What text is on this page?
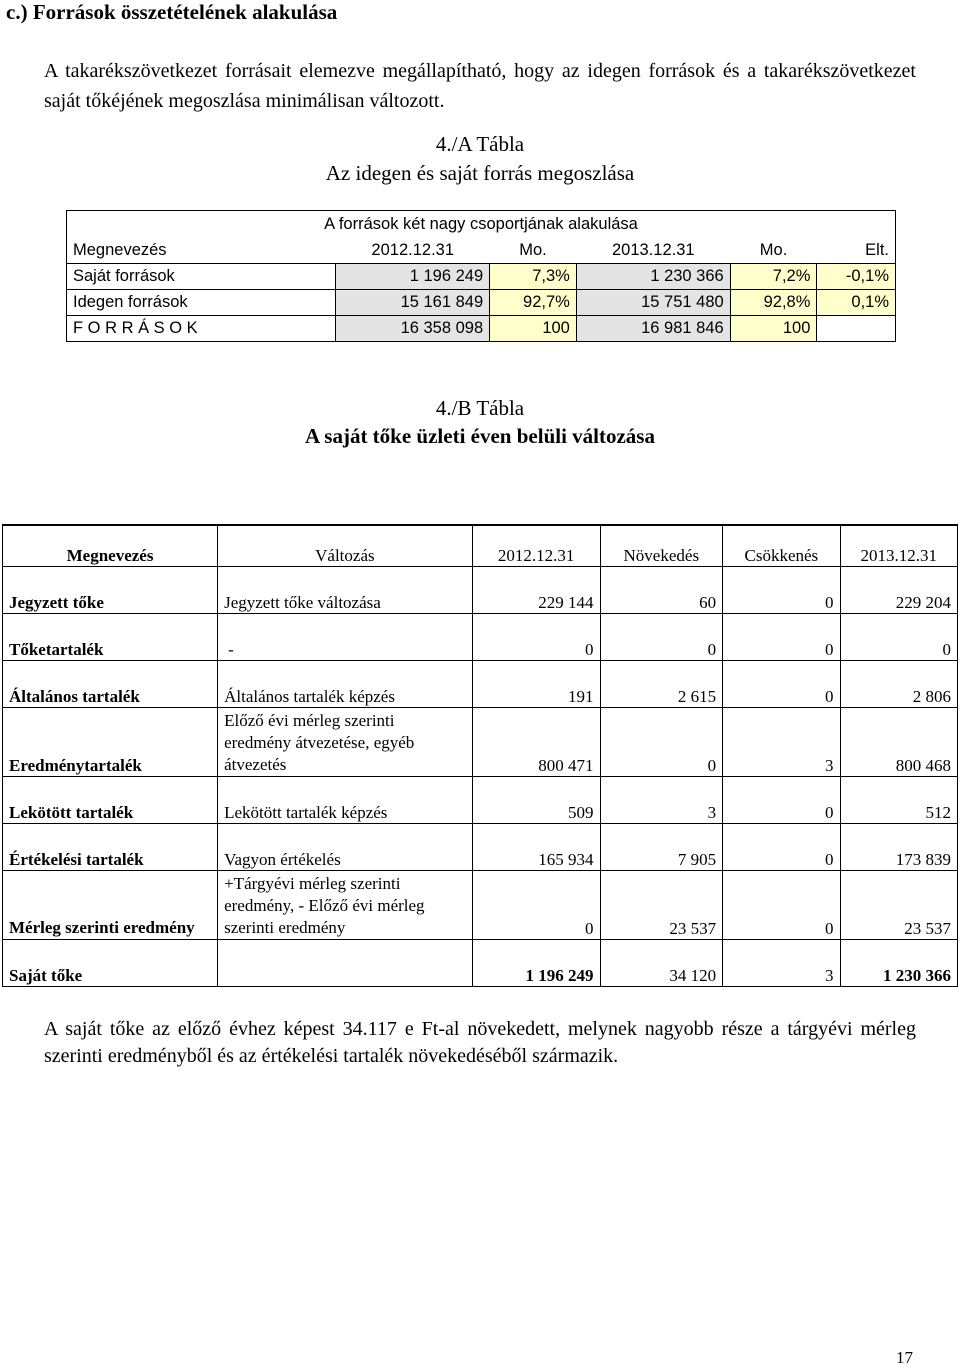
c.) Források összetételének alakulása
A takarékszövetkezet forrásait elemezve megállapítható, hogy az idegen források és a takarékszövetkezet saját tőkéjének megoszlása minimálisan változott.
4./A Tábla
Az idegen és saját forrás megoszlása
A források két nagy csoportjának alakulása					
Megnevezés	2012.12.31	Mo.	2013.12.31	Mo.	Elt.
Saját források	1 196 249	7,3%	1 230 366	7,2%	-0,1%
Idegen források	15 161 849	92,7%	15 751 480	92,8%	0,1%
F O R R Á S O K	16 358 098	100	16 981 846	100	
4./B Tábla
A saját tőke üzleti éven belüli változása
Megnevezés	Változás	2012.12.31	Növekedés	Csökkenés	2013.12.31
Jegyzett tőke	Jegyzett tőke változása	229 144	60	0	229 204
Tőketartalék	-	0	0	0	0
Általános tartalék	Általános tartalék képzés	191	2 615	0	2 806
Eredménytartalék	Előző évi mérleg szerinti eredmény átvezetése, egyéb átvezetés	800 471	0	3	800 468
Lekötött tartalék	Lekötött tartalék képzés	509	3	0	512
Értékelési tartalék	Vagyon értékelés	165 934	7 905	0	173 839
Mérleg szerinti eredmény	+Tárgyévi mérleg szerinti eredmény, - Előző évi mérleg szerinti eredmény	0	23 537	0	23 537
Saját tőke		1 196 249	34 120	3	1 230 366
A saját tőke az előző évhez képest 34.117 e Ft-al növekedett, melynek nagyobb része a tárgyévi mérleg szerinti eredményből és az értékelési tartalék növekedéséből származik.
17
